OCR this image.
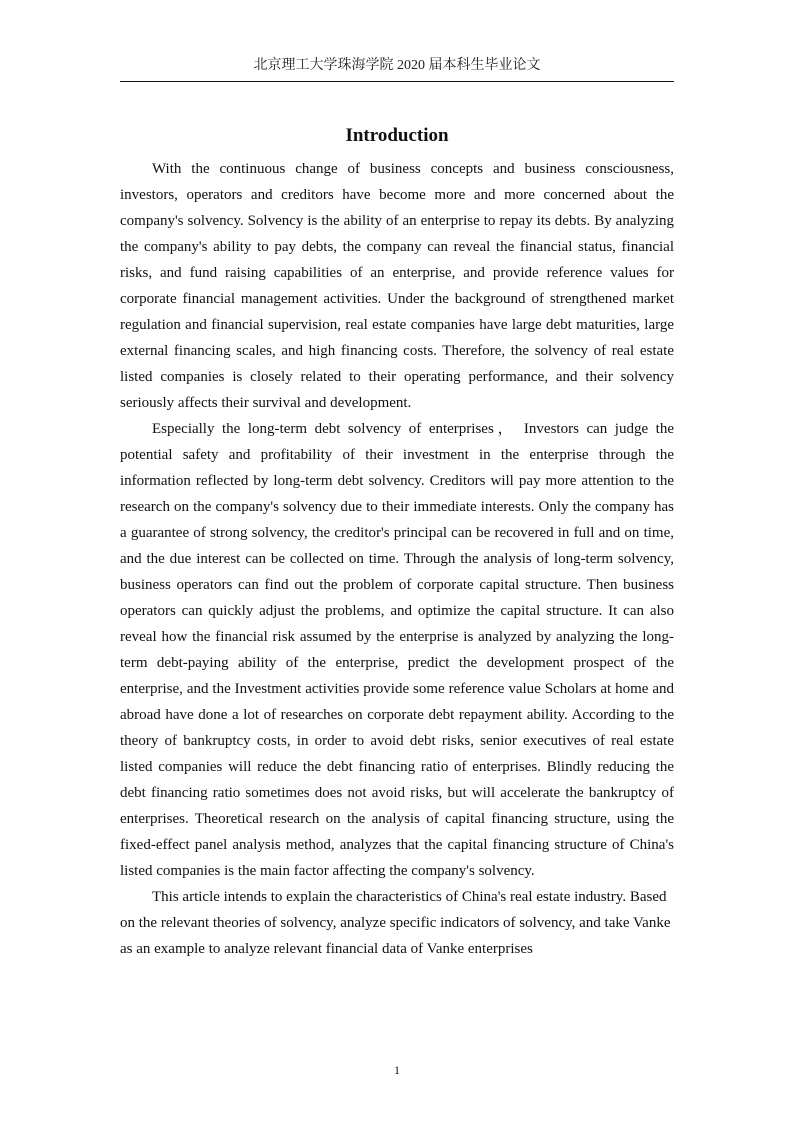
北京理工大学珠海学院 2020 届本科生毕业论文
Introduction

With the continuous change of business concepts and business consciousness, investors, operators and creditors have become more and more concerned about the company's solvency. Solvency is the ability of an enterprise to repay its debts. By analyzing the company's ability to pay debts, the company can reveal the financial status, financial risks, and fund raising capabilities of an enterprise, and provide reference values for corporate financial management activities. Under the background of strengthened market regulation and financial supervision, real estate companies have large debt maturities, large external financing scales, and high financing costs. Therefore, the solvency of real estate listed companies is closely related to their operating performance, and their solvency seriously affects their survival and development.

Especially the long-term debt solvency of enterprises， Investors can judge the potential safety and profitability of their investment in the enterprise through the information reflected by long-term debt solvency. Creditors will pay more attention to the research on the company's solvency due to their immediate interests. Only the company has a guarantee of strong solvency, the creditor's principal can be recovered in full and on time, and the due interest can be collected on time. Through the analysis of long-term solvency, business operators can find out the problem of corporate capital structure. Then business operators can quickly adjust the problems, and optimize the capital structure. It can also reveal how the financial risk assumed by the enterprise is analyzed by analyzing the long-term debt-paying ability of the enterprise, predict the development prospect of the enterprise, and the Investment activities provide some reference value Scholars at home and abroad have done a lot of researches on corporate debt repayment ability. According to the theory of bankruptcy costs, in order to avoid debt risks, senior executives of real estate listed companies will reduce the debt financing ratio of enterprises. Blindly reducing the debt financing ratio sometimes does not avoid risks, but will accelerate the bankruptcy of enterprises. Theoretical research on the analysis of capital financing structure, using the fixed-effect panel analysis method, analyzes that the capital financing structure of China's listed companies is the main factor affecting the company's solvency.

This article intends to explain the characteristics of China's real estate industry. Based on the relevant theories of solvency, analyze specific indicators of solvency, and take Vanke as an example to analyze relevant financial data of Vanke enterprises

1
